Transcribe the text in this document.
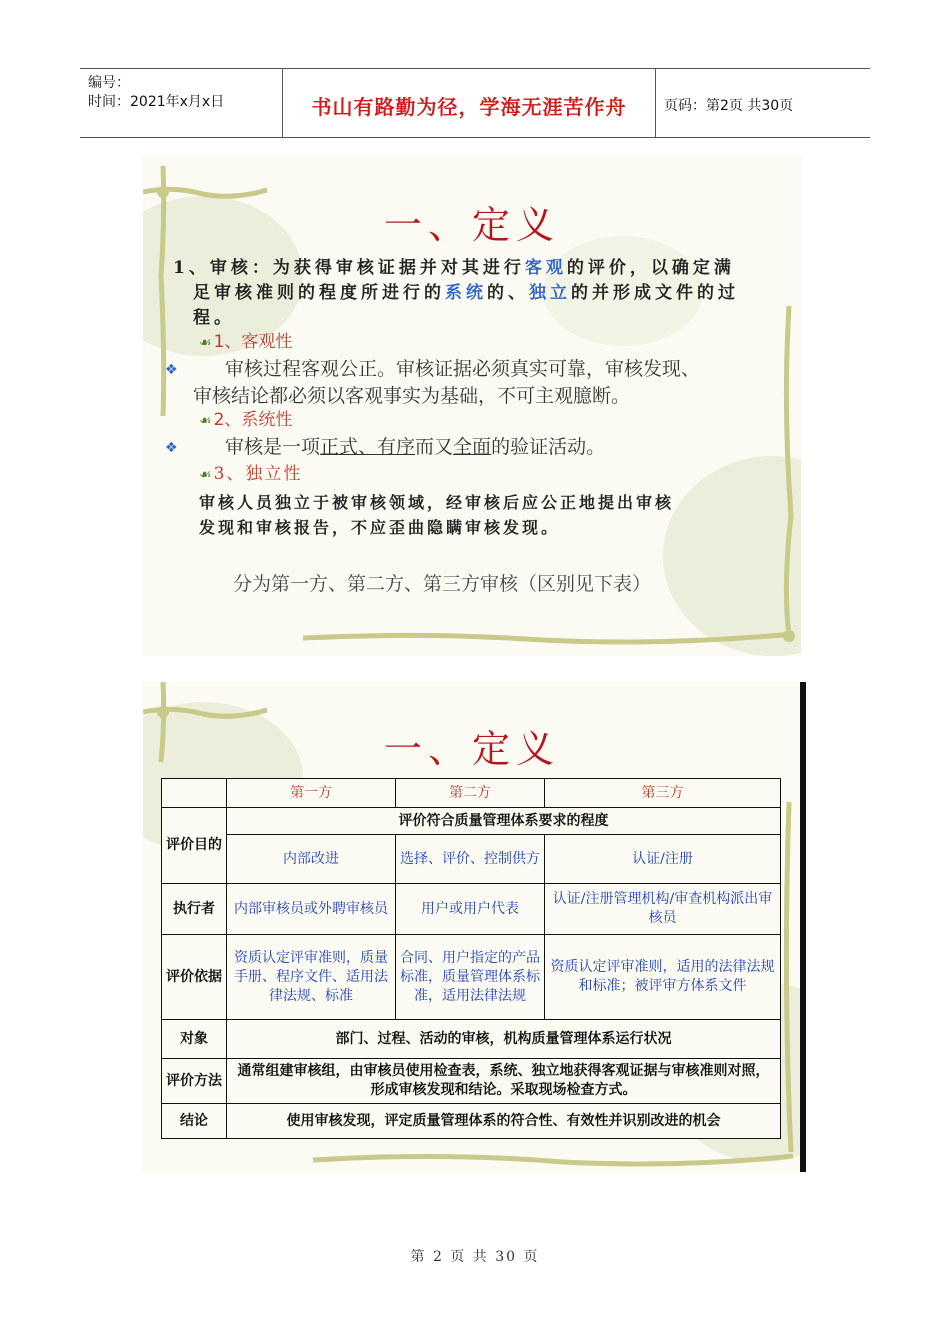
编号：
时间：2021年x月x日	书山有路勤为径，学海无涯苦作舟	页码：第2页 共30页
一、定义
1、审核：为获得审核证据并对其进行客观的评价，以确定满
足审核准则的程度所进行的系统的、独立的并形成文件的过
程。
☙ 1、客观性
❖	审核过程客观公正。审核证据必须真实可靠，审核发现、
审核结论都必须以客观事实为基础，不可主观臆断。
☙ 2、系统性
❖ 审核是一项正式、有序而又全面的验证活动。
☙ 3、独立性
审核人员独立于被审核领域，经审核后应公正地提出审核
发现和审核报告，不应歪曲隐瞒审核发现。
分为第一方、第二方、第三方审核（区别见下表）
一、定义
	第一方	第二方	第三方
评价目的	评价符合质量管理体系要求的程度		
	内部改进	选择、评价、控制供方	认证/注册
执行者	内部审核员或外聘审核员	用户或用户代表	认证/注册管理机构/审查机构派出审核员
评价依据	资质认定评审准则，质量手册、程序文件、适用法律法规、标准	合同、用户指定的产品标准，质量管理体系标准，适用法律法规	资质认定评审准则，适用的法律法规和标准；被评审方体系文件
对象	部门、过程、活动的审核，机构质量管理体系运行状况		
评价方法	通常组建审核组，由审核员使用检查表，系统、独立地获得客观证据与审核准则对照，形成审核发现和结论。采取现场检查方式。		
结论	使用审核发现，评定质量管理体系的符合性、有效性并识别改进的机会		
第 2 页 共 30 页
